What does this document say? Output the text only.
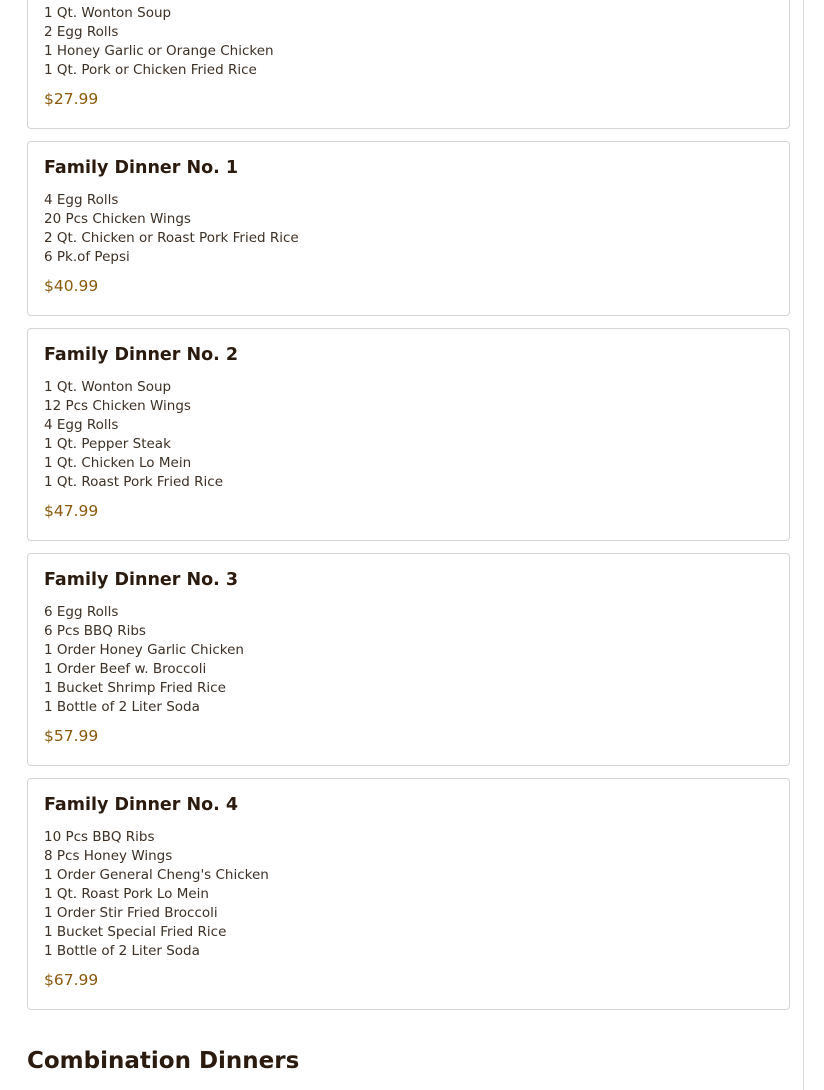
1 Qt. Wonton Soup
2 Egg Rolls
1 Honey Garlic or Orange Chicken
1 Qt. Pork or Chicken Fried Rice
$27.99
Family Dinner No. 1
4 Egg Rolls
20 Pcs Chicken Wings
2 Qt. Chicken or Roast Pork Fried Rice
6 Pk.of Pepsi
$40.99
Family Dinner No. 2
1 Qt. Wonton Soup
12 Pcs Chicken Wings
4 Egg Rolls
1 Qt. Pepper Steak
1 Qt. Chicken Lo Mein
1 Qt. Roast Pork Fried Rice
$47.99
Family Dinner No. 3
6 Egg Rolls
6 Pcs BBQ Ribs
1 Order Honey Garlic Chicken
1 Order Beef w. Broccoli
1 Bucket Shrimp Fried Rice
1 Bottle of 2 Liter Soda
$57.99
Family Dinner No. 4
10 Pcs BBQ Ribs
8 Pcs Honey Wings
1 Order General Cheng's Chicken
1 Qt. Roast Pork Lo Mein
1 Order Stir Fried Broccoli
1 Bucket Special Fried Rice
1 Bottle of 2 Liter Soda
$67.99
Combination Dinners
